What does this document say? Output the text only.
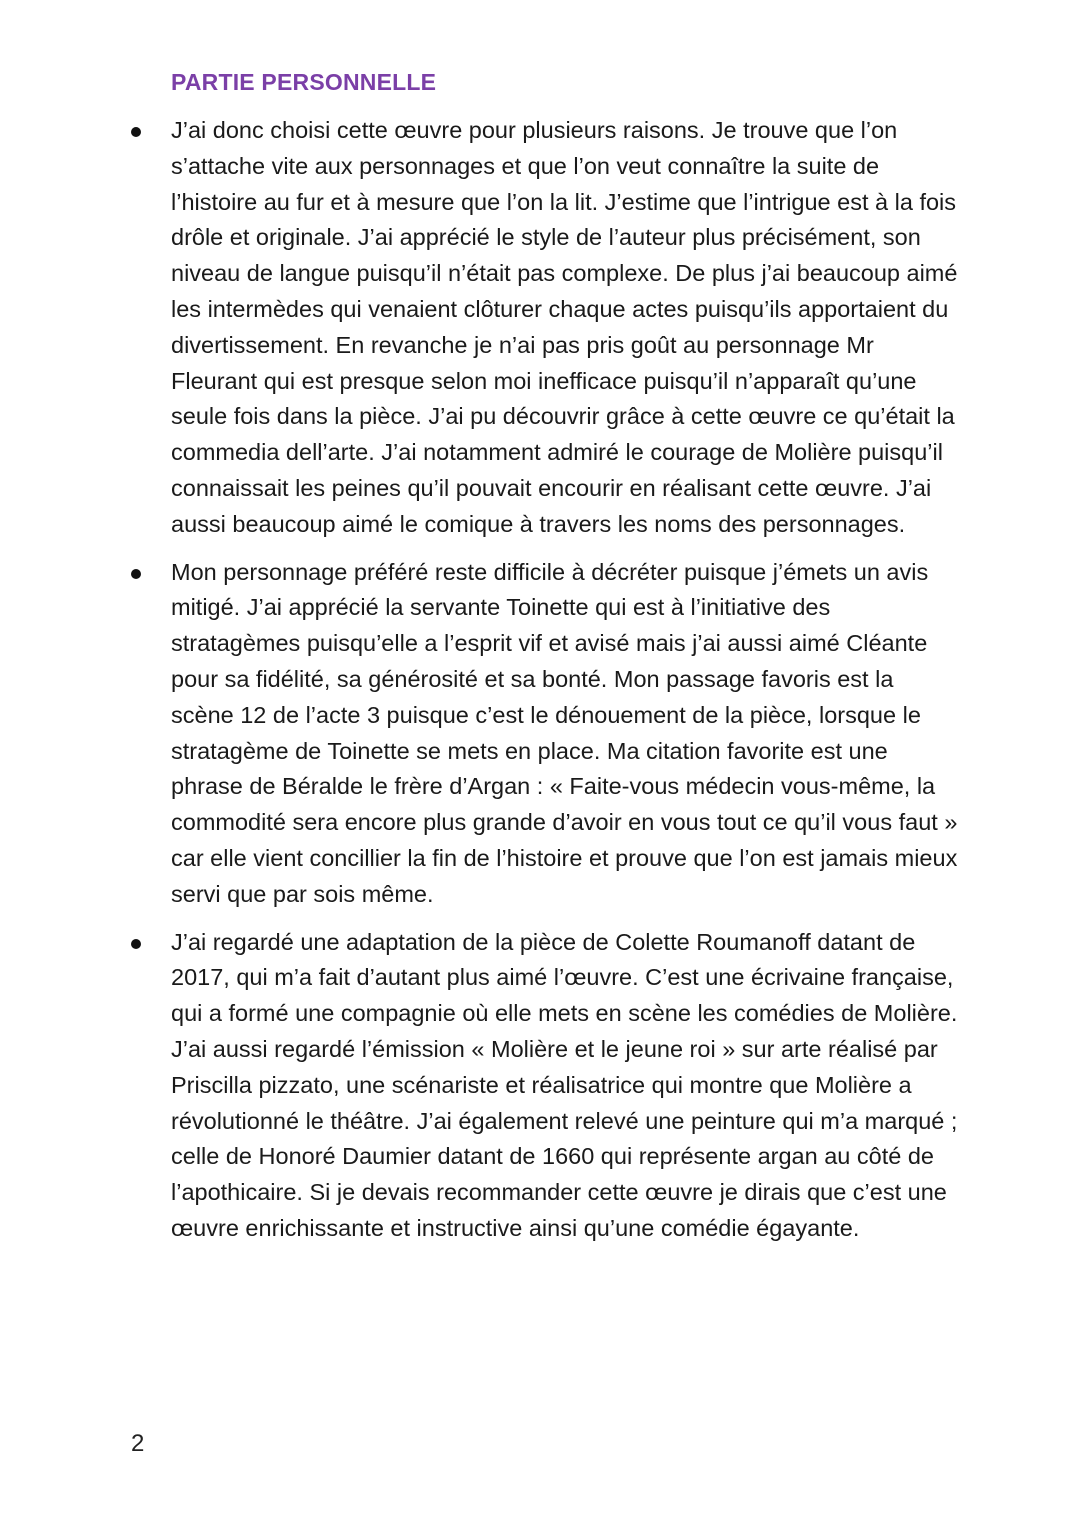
PARTIE PERSONNELLE
J’ai donc choisi cette œuvre pour plusieurs raisons. Je trouve que l’on s’attache vite aux personnages et que l’on veut connaître la suite de l’histoire au fur et à mesure que l’on la lit. J’estime que l’intrigue est à la fois drôle et originale. J’ai apprécié le style de l’auteur plus précisément, son niveau de langue puisqu’il n’était pas complexe. De plus j’ai beaucoup aimé les intermèdes qui venaient clôturer chaque actes puisqu’ils apportaient du divertissement. En revanche je n’ai pas pris goût au personnage Mr Fleurant qui est presque selon moi inefficace puisqu’il n’apparaît qu’une seule fois dans la pièce. J’ai pu découvrir grâce à cette œuvre ce qu’était la commedia dell’arte. J’ai notamment admiré le courage de Molière puisqu’il connaissait les peines qu’il pouvait encourir en réalisant cette œuvre. J’ai aussi beaucoup aimé le comique à travers les noms des personnages.
Mon personnage préféré reste difficile à décréter puisque j’émets un avis mitigé. J’ai apprécié la servante Toinette qui est à l’initiative des stratagèmes puisqu’elle a l’esprit vif et avisé mais j’ai aussi aimé Cléante pour sa fidélité, sa générosité et sa bonté. Mon passage favoris est la scène 12 de l’acte 3 puisque c’est le dénouement de la pièce, lorsque le stratagème de Toinette se mets en place. Ma citation favorite est une phrase de Béralde le frère d’Argan : « Faite-vous médecin vous-même, la commodité sera encore plus grande d’avoir en vous tout ce qu’il vous faut » car elle vient concillier la fin de l’histoire et prouve que l’on est jamais mieux servi que par sois même.
J’ai regardé une adaptation de la pièce de Colette Roumanoff datant de 2017, qui m’a fait d’autant plus aimé l’œuvre. C’est une écrivaine française, qui a formé une compagnie où elle mets en scène les comédies de Molière. J’ai aussi regardé l’émission « Molière et le jeune roi » sur arte réalisé par Priscilla pizzato, une scénariste et réalisatrice qui montre que Molière a révolutionné le théâtre. J’ai également relevé une peinture qui m’a marqué ; celle de Honoré Daumier datant de 1660 qui représente argan au côté de l’apothicaire. Si je devais recommander cette œuvre je dirais que c’est une œuvre enrichissante et instructive ainsi qu’une comédie égayante.
2
